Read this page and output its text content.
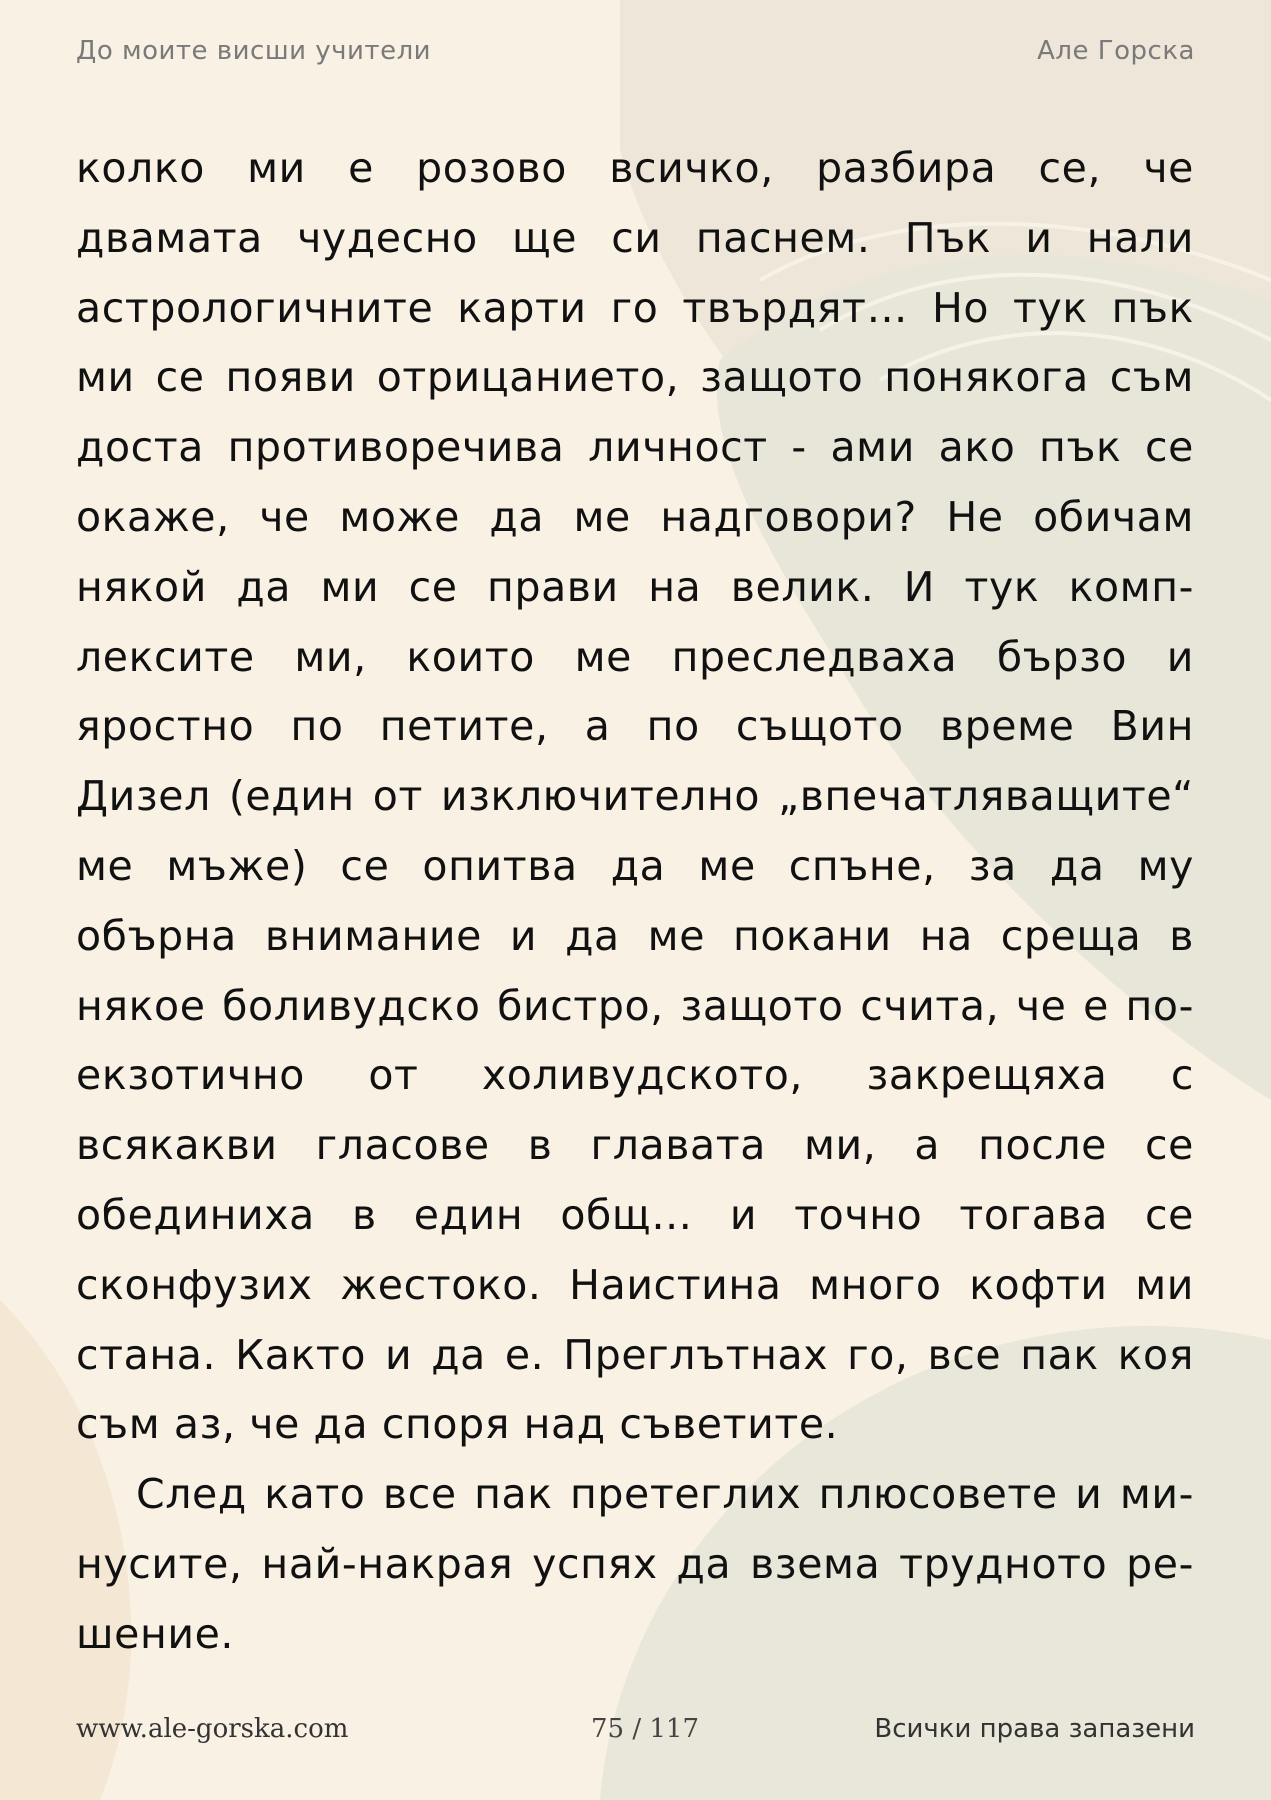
До моите висши учители	Але Горска
колко ми е розово всичко, разбира се, че
двамата чудесно ще си паснем. Пък и нали
астрологичните карти го твърдят… Но тук пък
ми се появи отрицанието, защото понякога съм
доста противоречива личност - ами ако пък се
окаже, че може да ме надговори? Не обичам
някой да ми се прави на велик. И тук комп-
лексите ми, които ме преследваха бързо и
яростно по петите, а по същото време Вин
Дизел (един от изключително „впечатляващите“
ме мъже) се опитва да ме спъне, за да му
обърна внимание и да ме покани на среща в
някое боливудско бистро, защото счита, че е по-
екзотично от холивудското, закрещяха с
всякакви гласове в главата ми, а после се
обединиха в един общ… и точно тогава се
сконфузих жестоко. Наистина много кофти ми
стана. Както и да е. Преглътнах го, все пак коя
съм аз, че да споря над съветите.
След като все пак претеглих плюсовете и ми-
нусите, най-накрая успях да взема трудното ре-
шение.
www.ale-gorska.com	75 / 117	Всички права запазени
